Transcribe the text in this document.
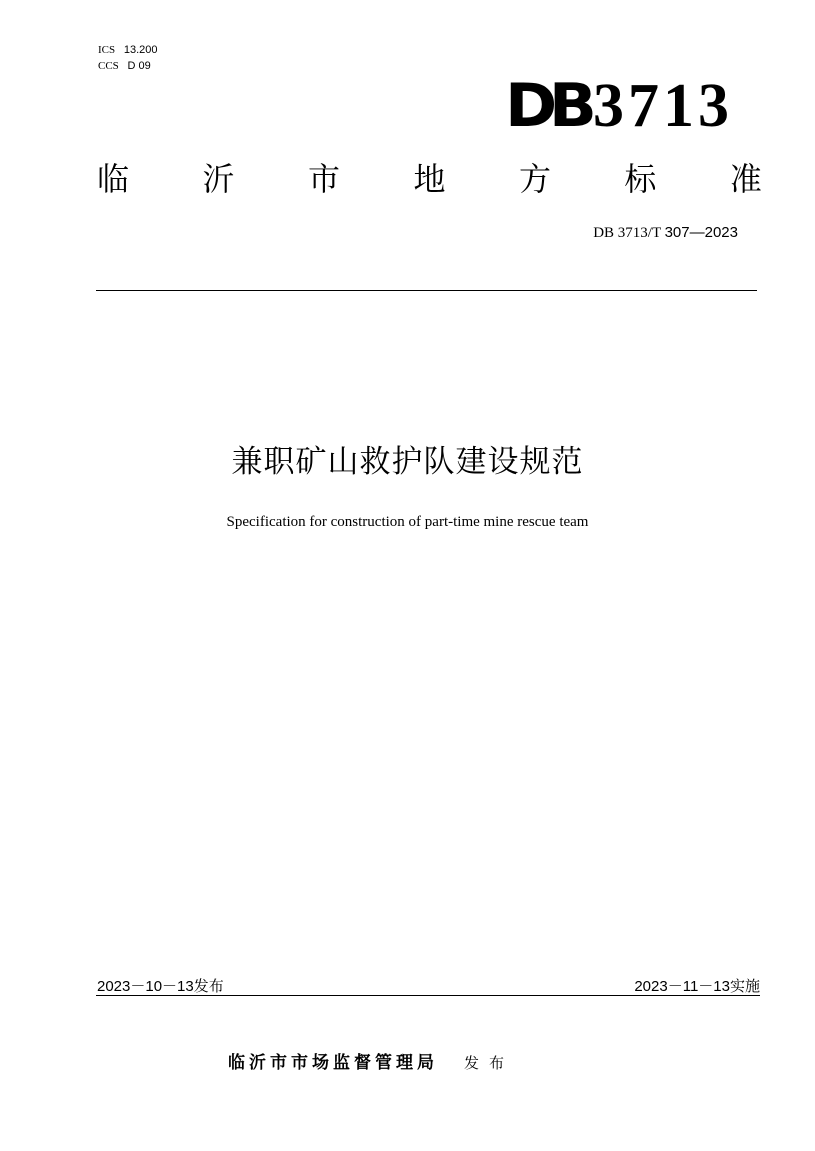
ICS 13.200
CCS D 09
DB 3713
临 沂 市 地 方 标 准
DB 3713/T 307—2023
兼职矿山救护队建设规范
Specification for construction of part-time mine rescue team
2023－10－13发布	2023－11－13实施
临沂市市场监督管理局 发布
